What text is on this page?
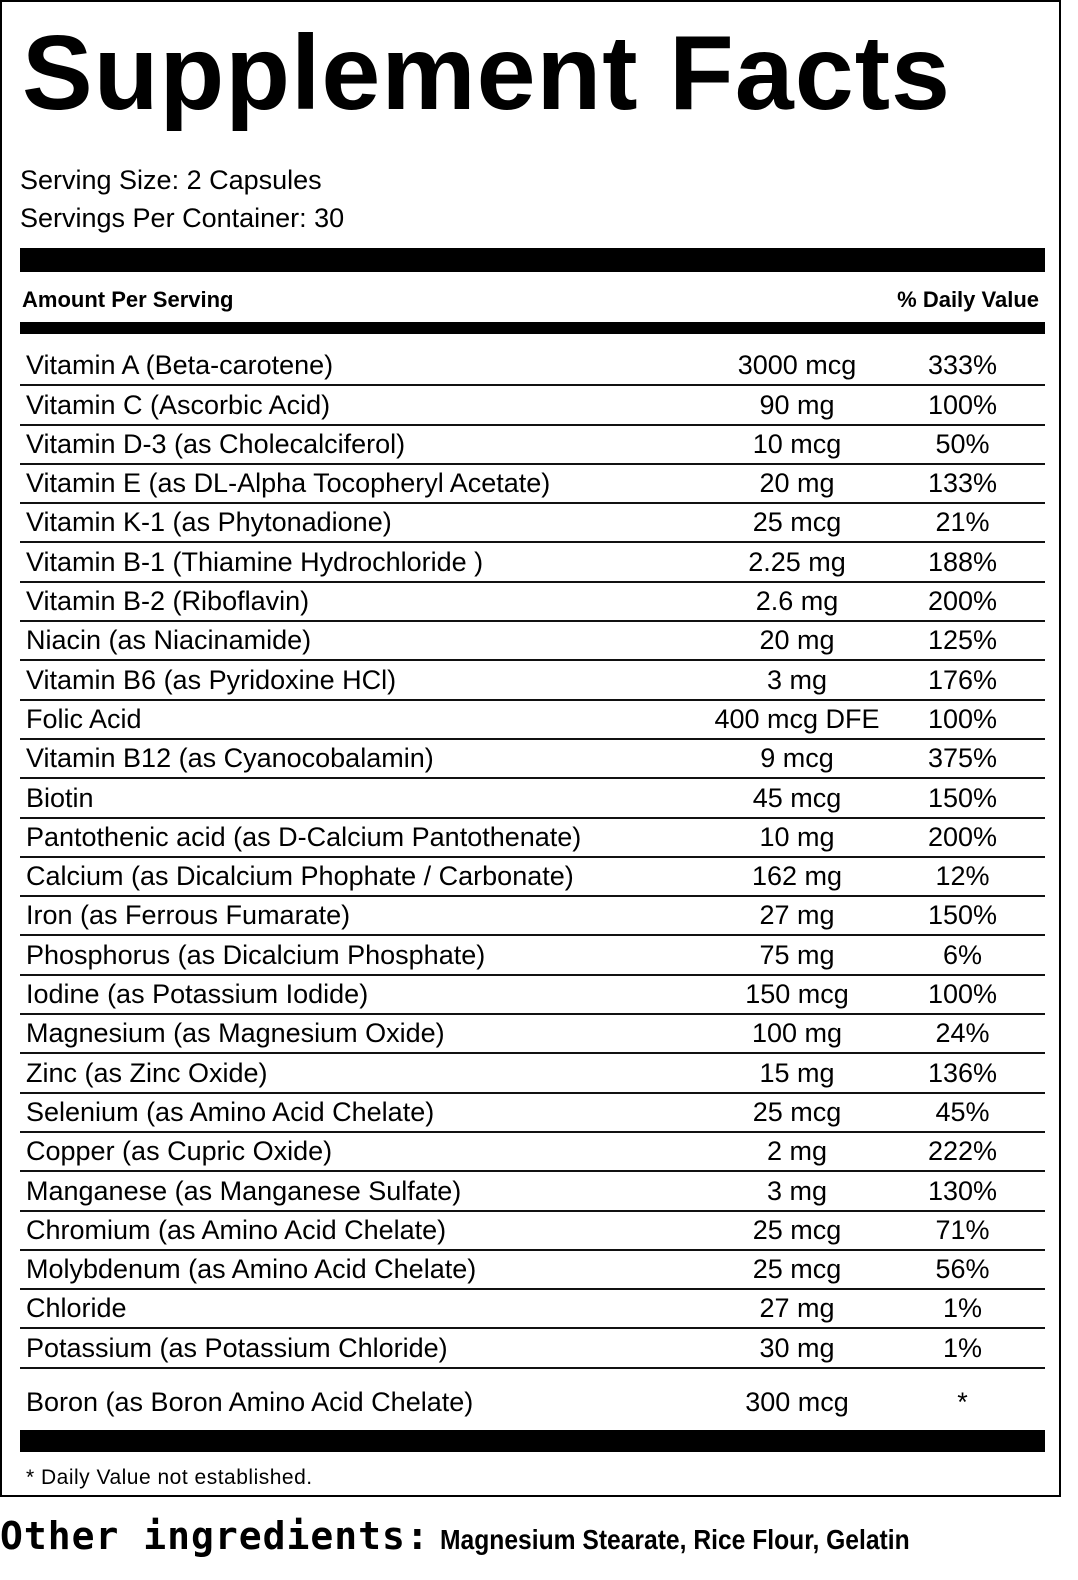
Supplement Facts
Serving Size: 2 Capsules
Servings Per Container: 30
Amount Per Serving	% Daily Value
Vitamin A (Beta-carotene)	3000 mcg	333%
Vitamin C (Ascorbic Acid)	90 mg	100%
Vitamin D-3 (as Cholecalciferol)	10 mcg	50%
Vitamin E (as DL-Alpha Tocopheryl Acetate)	20 mg	133%
Vitamin K-1 (as Phytonadione)	25 mcg	21%
Vitamin B-1 (Thiamine Hydrochloride )	2.25 mg	188%
Vitamin B-2 (Riboflavin)	2.6 mg	200%
Niacin (as Niacinamide)	20 mg	125%
Vitamin B6 (as Pyridoxine HCl)	3 mg	176%
Folic Acid	400 mcg DFE	100%
Vitamin B12 (as Cyanocobalamin)	9 mcg	375%
Biotin	45 mcg	150%
Pantothenic acid (as D-Calcium Pantothenate)	10 mg	200%
Calcium (as Dicalcium Phophate / Carbonate)	162 mg	12%
Iron (as Ferrous Fumarate)	27 mg	150%
Phosphorus (as Dicalcium Phosphate)	75 mg	6%
Iodine (as Potassium Iodide)	150 mcg	100%
Magnesium (as Magnesium Oxide)	100 mg	24%
Zinc (as Zinc Oxide)	15 mg	136%
Selenium (as Amino Acid Chelate)	25 mcg	45%
Copper (as Cupric Oxide)	2 mg	222%
Manganese (as Manganese Sulfate)	3 mg	130%
Chromium (as Amino Acid Chelate)	25 mcg	71%
Molybdenum (as Amino Acid Chelate)	25 mcg	56%
Chloride	27 mg	1%
Potassium (as Potassium Chloride)	30 mg	1%
Boron (as Boron Amino Acid Chelate)	300 mcg	*
* Daily Value not established.
Other ingredients: Magnesium Stearate, Rice Flour, Gelatin
